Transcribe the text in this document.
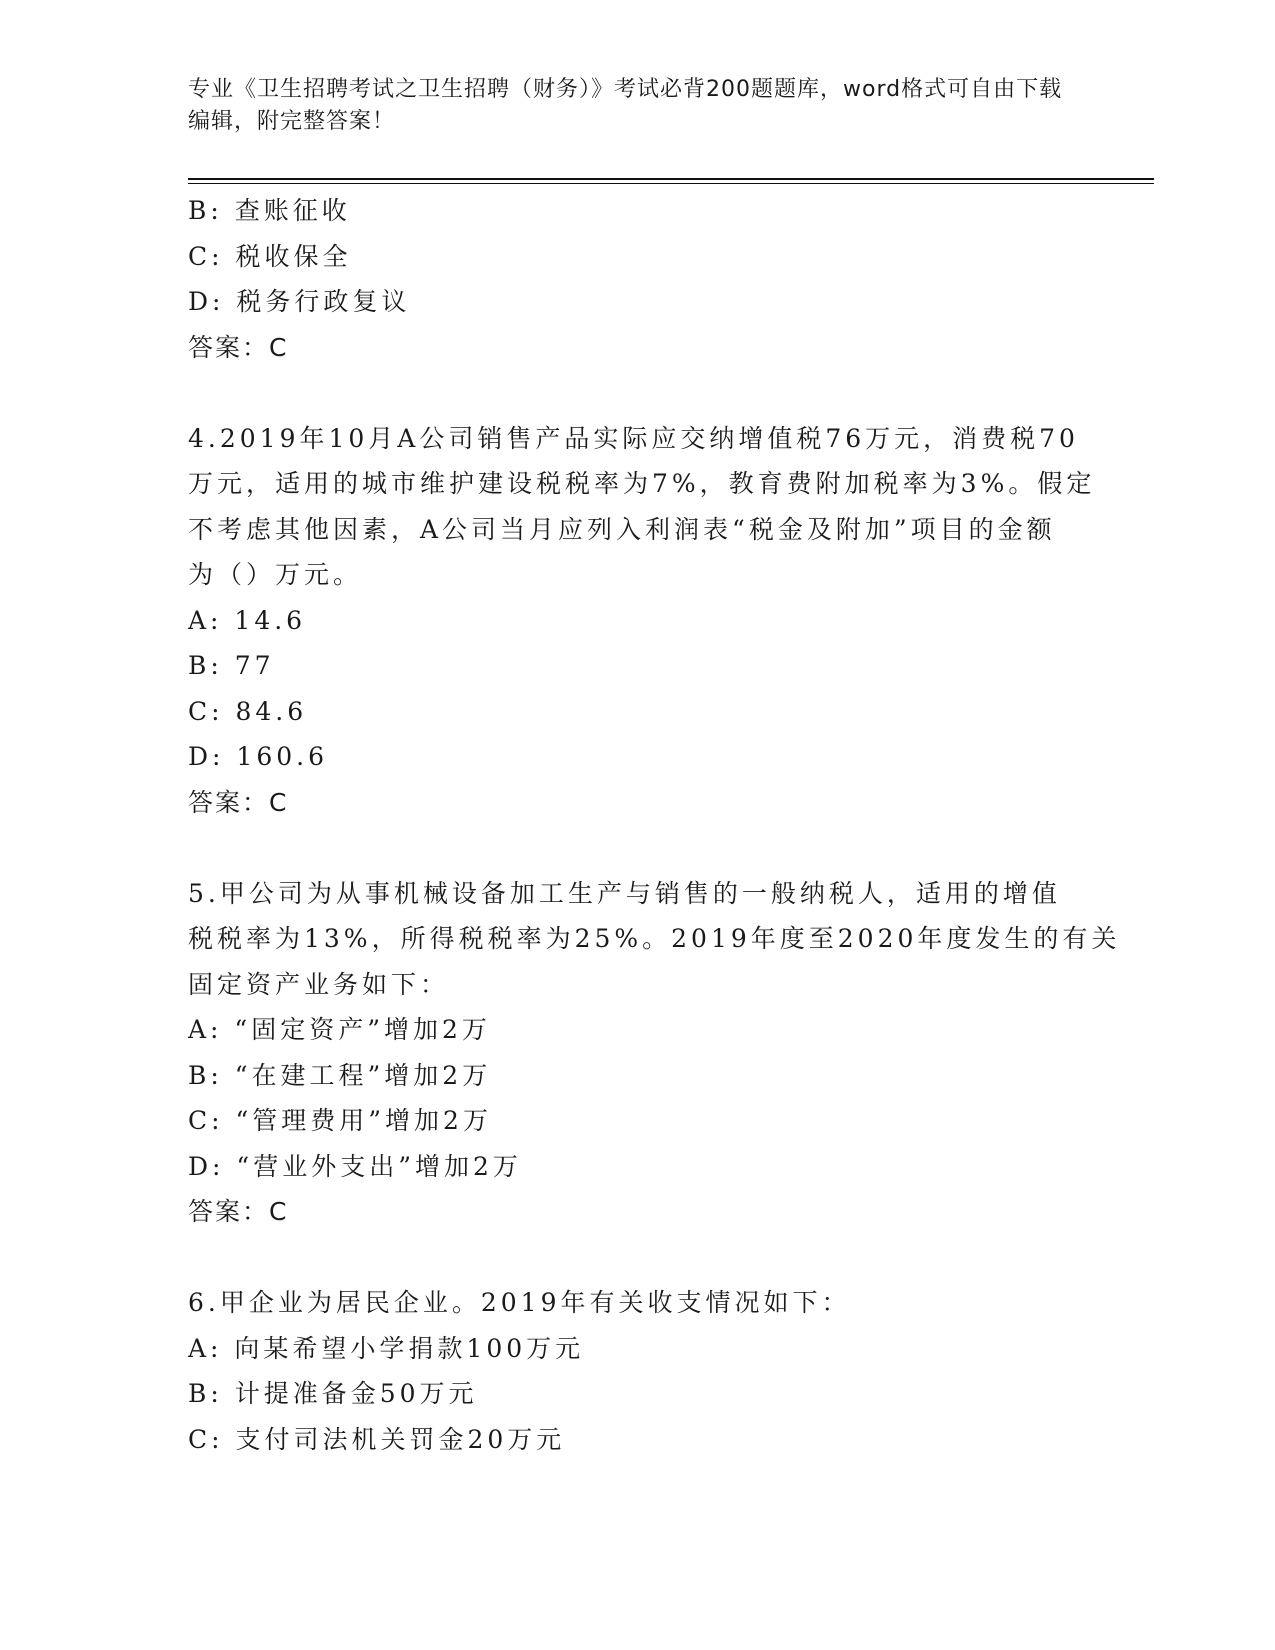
专业《卫生招聘考试之卫生招聘（财务）》考试必背200题题库，word格式可自由下载编辑，附完整答案！
B: 查账征收
C: 税收保全
D: 税务行政复议
答案：C
4.2019年10月A公司销售产品实际应交纳增值税76万元，消费税70
万元，适用的城市维护建设税税率为7%，教育费附加税率为3%。假定
不考虑其他因素，A公司当月应列入利润表“税金及附加”项目的金额
为（）万元。
A: 14.6
B: 77
C: 84.6
D: 160.6
答案：C
5.甲公司为从事机械设备加工生产与销售的一般纳税人，适用的增值
税税率为13%，所得税税率为25%。2019年度至2020年度发生的有关
固定资产业务如下：
A: “固定资产”增加2万
B: “在建工程”增加2万
C: “管理费用”增加2万
D: “营业外支出”增加2万
答案：C
6.甲企业为居民企业。2019年有关收支情况如下：
A: 向某希望小学捐款100万元
B: 计提准备金50万元
C: 支付司法机关罚金20万元
